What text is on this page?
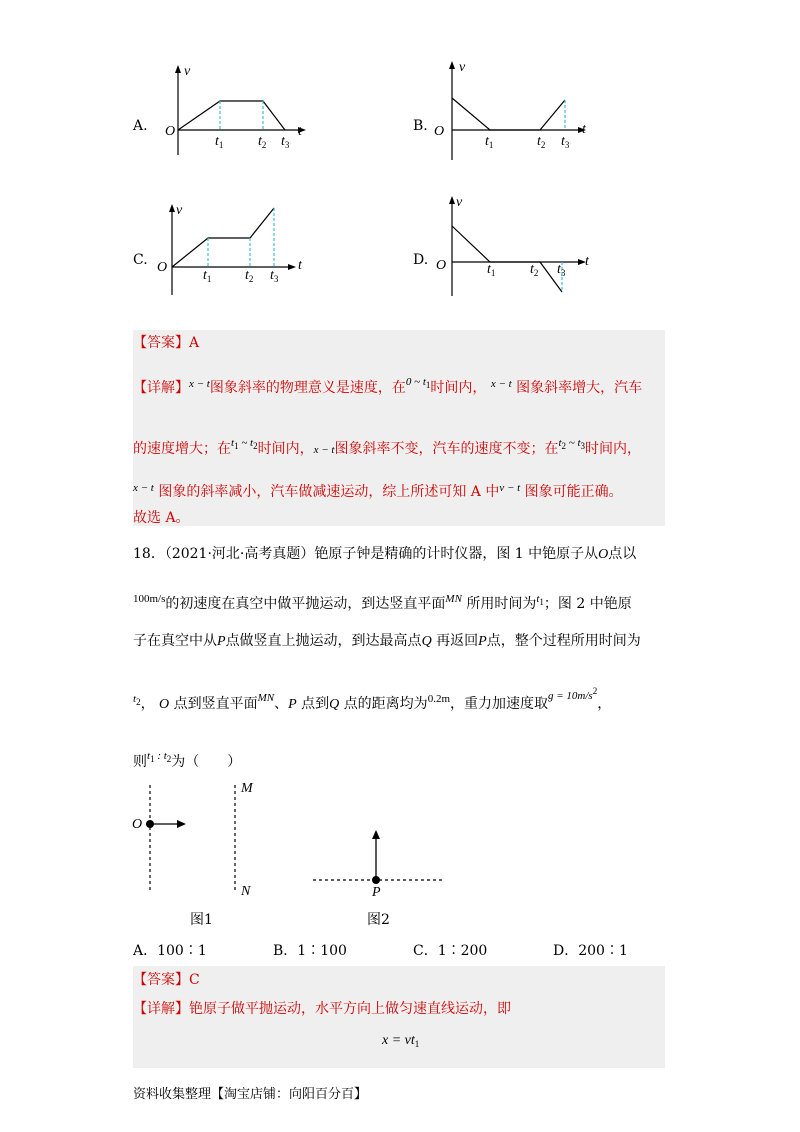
A.	B.
C.	D.
v
O	t
$t_1$ $t_2$ $t_3$
v
O	t
$t_1$	$t_2$ $t_3$
v
O	t
$t_1$ $t_2$ $t_3$
v
O	t
$t_1$ $t_2$ $t_3$
【答案】A
【详解】$^{x - t}$图象斜率的物理意义是速度，在$^{0 \sim t_1}$时间内， $^{x - t}$ 图象斜率增大，汽车
的速度增大；在$^{t_1 \sim t_2}$时间内，x − t图象斜率不变，汽车的速度不变；在$^{t_2 \sim t_3}$时间内，
$^{x - t}$ 图象的斜率减小，汽车做减速运动，综上所述可知 A 中$^{v - t}$ 图象可能正确。
故选 A。
18．（2021·河北·高考真题）铯原子钟是精确的计时仪器，图 1 中铯原子从O点以
$^{100m/s}$的初速度在真空中做平抛运动，到达竖直平面$^{MN}$ 所用时间为$^{t_1}$；图 2 中铯原
子在真空中从P点做竖直上抛运动，到达最高点Q 再返回P点，整个过程所用时间为
$^{t_2}$， O 点到竖直平面$^{MN}$、P 点到Q 点的距离均为$^{0.2m}$，重力加速度取$^{g = 10m/s^2}$，
则$^{t_1 : t_2}$为（　　）
O
M
N	P
图1	图2
A．100∶1	B．1∶100	C．1∶200	D．200∶1
【答案】C
【详解】铯原子做平抛运动，水平方向上做匀速直线运动，即
$x = vt_1$
资料收集整理【淘宝店铺：向阳百分百】
